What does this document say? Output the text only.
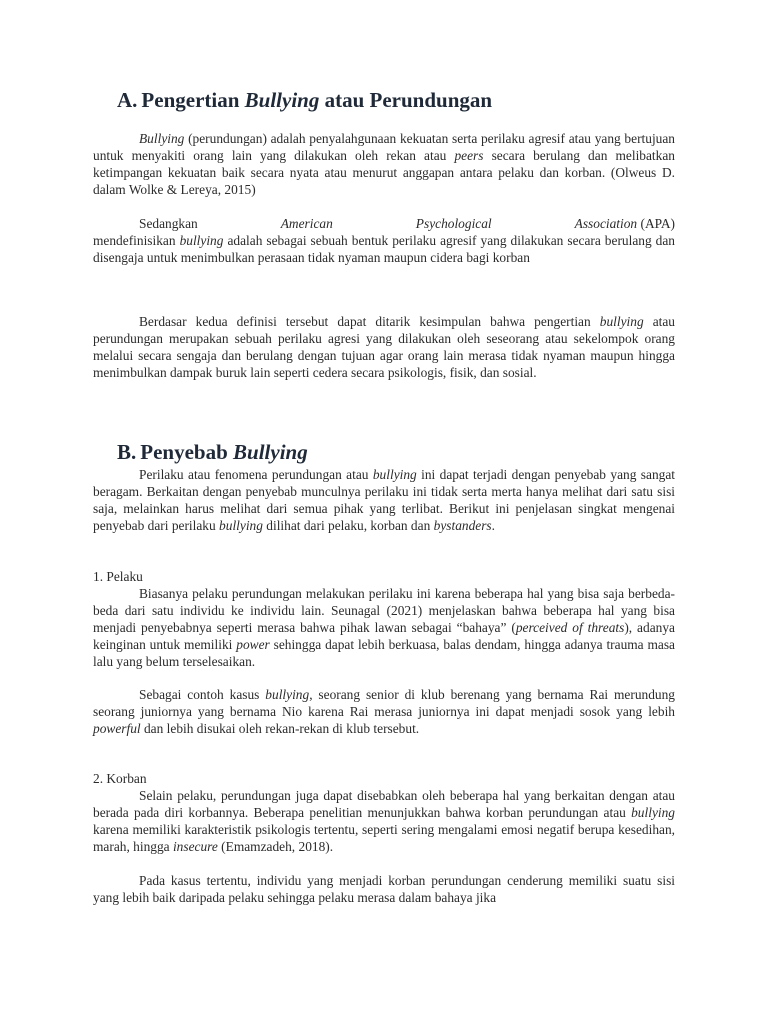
A. Pengertian Bullying atau Perundungan

Bullying (perundungan) adalah penyalahgunaan kekuatan serta perilaku agresif atau yang bertujuan untuk menyakiti orang lain yang dilakukan oleh rekan atau peers secara berulang dan melibatkan ketimpangan kekuatan baik secara nyata atau menurut anggapan antara pelaku dan korban. (Olweus D. dalam Wolke & Lereya, 2015)

Sedangkan	American	Psychological	Association (APA)
mendefinisikan bullying adalah sebagai sebuah bentuk perilaku agresif yang dilakukan secara berulang dan disengaja untuk menimbulkan perasaan tidak nyaman maupun cidera bagi korban

Berdasar kedua definisi tersebut dapat ditarik kesimpulan bahwa pengertian bullying atau perundungan merupakan sebuah perilaku agresi yang dilakukan oleh seseorang atau sekelompok orang melalui secara sengaja dan berulang dengan tujuan agar orang lain merasa tidak nyaman maupun hingga menimbulkan dampak buruk lain seperti cedera secara psikologis, fisik, dan sosial.

B. Penyebab Bullying

Perilaku atau fenomena perundungan atau bullying ini dapat terjadi dengan penyebab yang sangat beragam. Berkaitan dengan penyebab munculnya perilaku ini tidak serta merta hanya melihat dari satu sisi saja, melainkan harus melihat dari semua pihak yang terlibat. Berikut ini penjelasan singkat mengenai penyebab dari perilaku bullying dilihat dari pelaku, korban dan bystanders.

1. Pelaku

Biasanya pelaku perundungan melakukan perilaku ini karena beberapa hal yang bisa saja berbeda-beda dari satu individu ke individu lain. Seunagal (2021) menjelaskan bahwa beberapa hal yang bisa menjadi penyebabnya seperti merasa bahwa pihak lawan sebagai “bahaya” (perceived of threats), adanya keinginan untuk memiliki power sehingga dapat lebih berkuasa, balas dendam, hingga adanya trauma masa lalu yang belum terselesaikan.

Sebagai contoh kasus bullying, seorang senior di klub berenang yang bernama Rai merundung seorang juniornya yang bernama Nio karena Rai merasa juniornya ini dapat menjadi sosok yang lebih powerful dan lebih disukai oleh rekan-rekan di klub tersebut.

2. Korban

Selain pelaku, perundungan juga dapat disebabkan oleh beberapa hal yang berkaitan dengan atau berada pada diri korbannya. Beberapa penelitian menunjukkan bahwa korban perundungan atau bullying karena memiliki karakteristik psikologis tertentu, seperti sering mengalami emosi negatif berupa kesedihan, marah, hingga insecure (Emamzadeh, 2018).

Pada kasus tertentu, individu yang menjadi korban perundungan cenderung memiliki suatu sisi yang lebih baik daripada pelaku sehingga pelaku merasa dalam bahaya jika
